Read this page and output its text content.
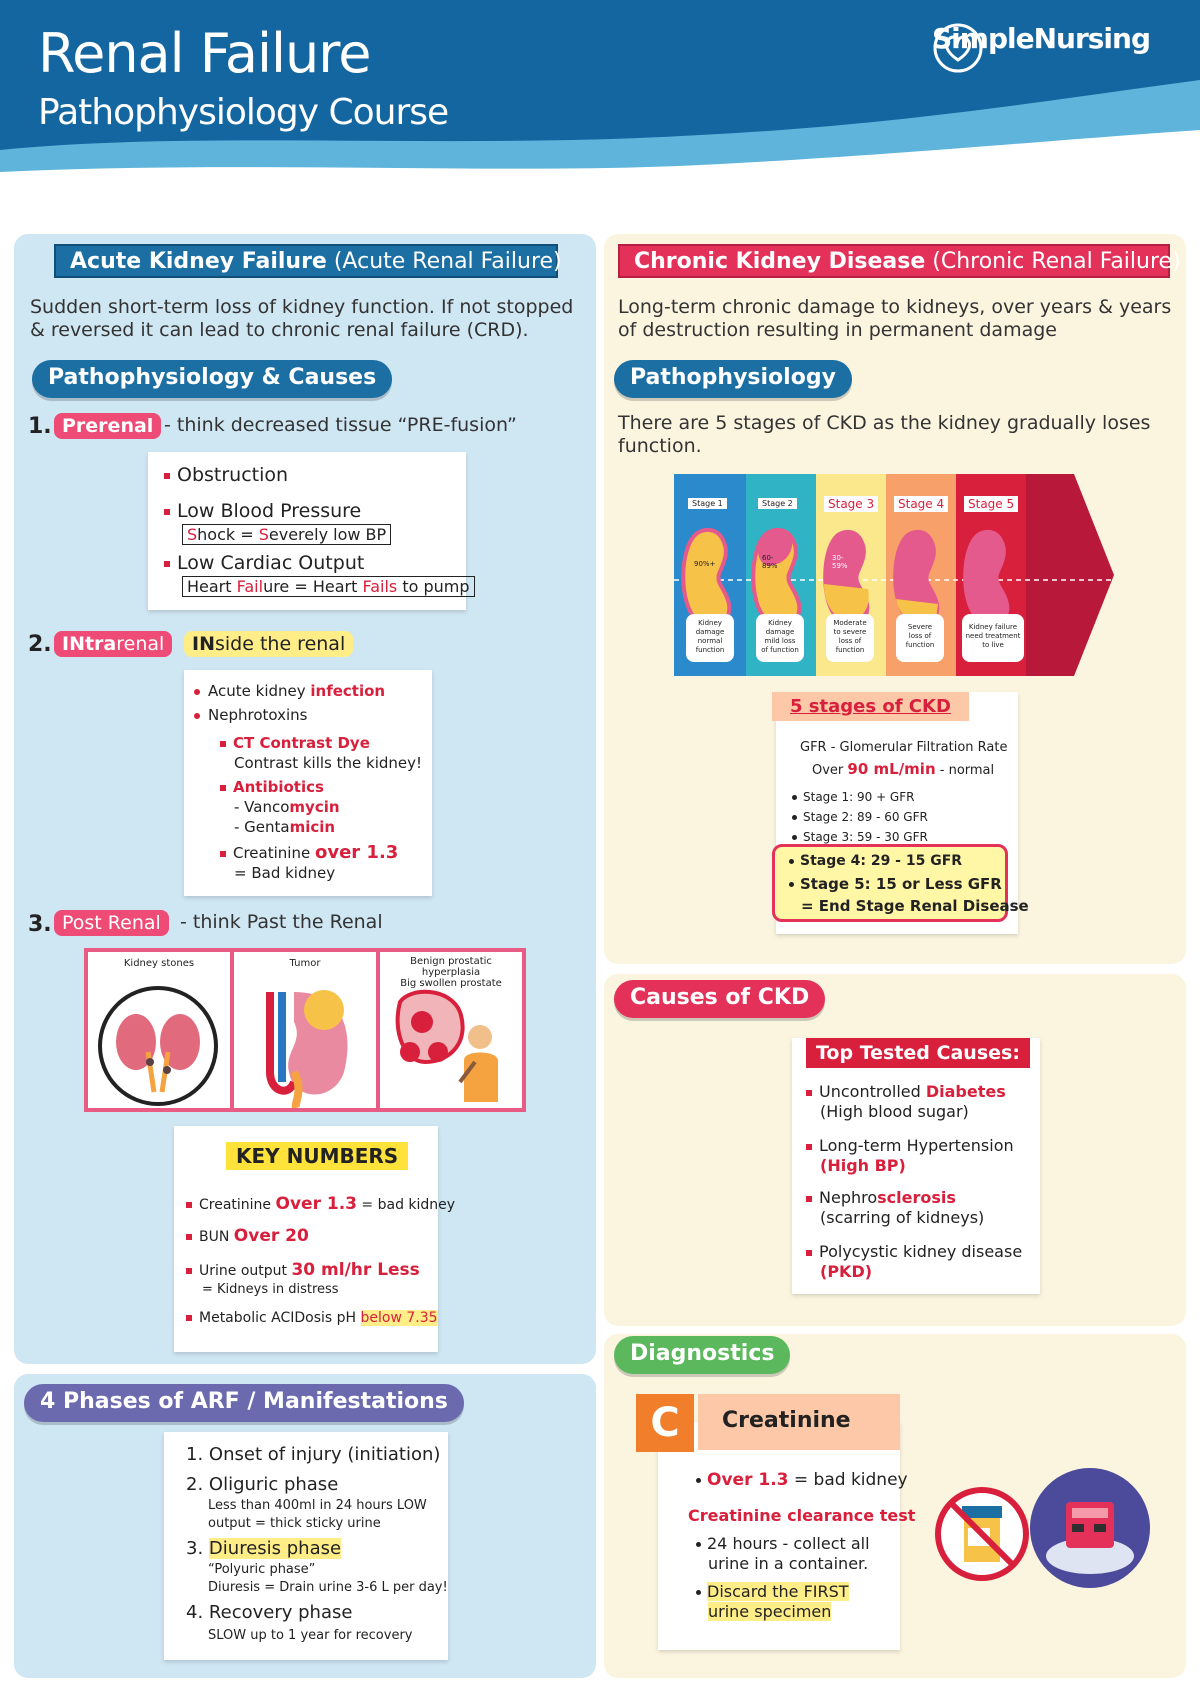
Renal Failure
Pathophysiology Course
SimpleNursing
Acute Kidney Failure (Acute Renal Failure)
Sudden short-term loss of kidney function. If not stopped
& reversed it can lead to chronic renal failure (CRD).
Pathophysiology & Causes
1. Prerenal - think decreased tissue “PRE-fusion”
Obstruction
Low Blood Pressure
Shock = Severely low BP
Low Cardiac Output
Heart Failure = Heart Fails to pump
2. INtrarenal	INside the renal
Acute kidney infection
Nephrotoxins
CT Contrast Dye
Contrast kills the kidney!
Antibiotics
- Vancomycin
- Gentamicin
Creatinine over 1.3
= Bad kidney
3. Post Renal	- think Past the Renal
Kidney stones	Tumor	Benign prostatic hyperplasia
Big swollen prostate
KEY NUMBERS
Creatinine Over 1.3 = bad kidney
BUN Over 20
Urine output 30 ml/hr Less
= Kidneys in distress
Metabolic ACIDosis pH below 7.35
4 Phases of ARF / Manifestations
1. Onset of injury (initiation)
2. Oliguric phase
Less than 400ml in 24 hours LOW
output = thick sticky urine
3. Diuresis phase
“Polyuric phase”
Diuresis = Drain urine 3-6 L per day!
4. Recovery phase
SLOW up to 1 year for recovery
Chronic Kidney Disease (Chronic Renal Failure)
Long-term chronic damage to kidneys, over years & years
of destruction resulting in permanent damage
Pathophysiology
There are 5 stages of CKD as the kidney gradually loses
function.
Stage 1	Stage 2	Stage 3	Stage 4	Stage 5
90%+
60-89%
30-59%
Kidney
damage
normal
function
Kidney
damage
mild loss
of function
Moderate
to severe
loss of
function
Severe
loss of
function
Kidney failure
need treatment
to live
5 stages of CKD
GFR - Glomerular Filtration Rate
Over 90 mL/min - normal
Stage 1: 90 + GFR
Stage 2: 89 - 60 GFR
Stage 3: 59 - 30 GFR
Stage 4: 29 - 15 GFR
Stage 5: 15 or Less GFR
= End Stage Renal Disease
Causes of CKD
Top Tested Causes:
Uncontrolled Diabetes
(High blood sugar)
Long-term Hypertension
(High BP)
Nephrosclerosis
(scarring of kidneys)
Polycystic kidney disease
(PKD)
Diagnostics
Over 1.3 = bad kidney
Creatinine clearance test
24 hours - collect all
urine in a container.
Discard the FIRST
urine specimen
C	Creatinine
